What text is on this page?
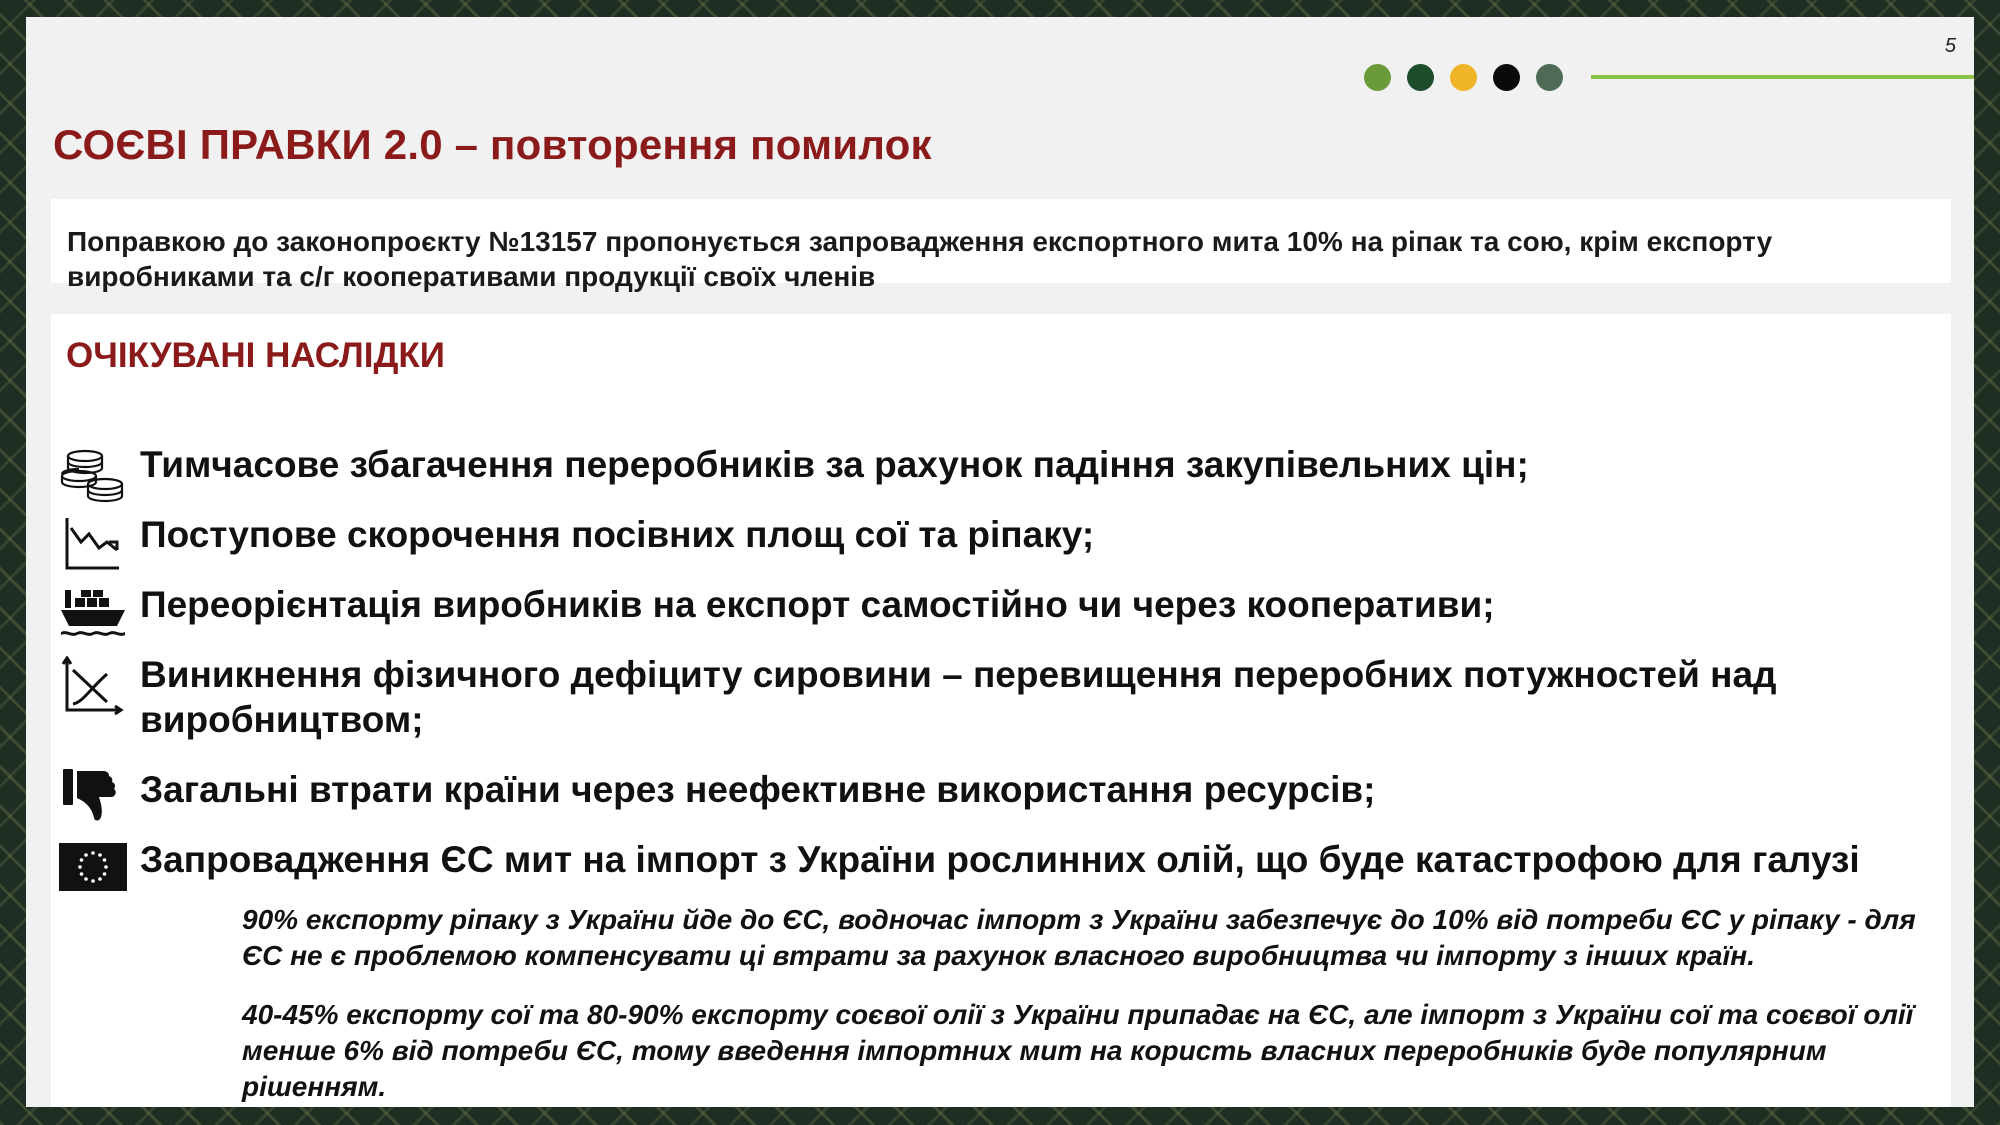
5
СОЄВІ ПРАВКИ 2.0 – повторення помилок
Поправкою до законопроєкту №13157 пропонується запровадження експортного мита 10% на ріпак та сою, крім експорту
виробниками та с/г кооперативами продукції своїх членів
ОЧІКУВАНІ НАСЛІДКИ
Тимчасове збагачення переробників за рахунок падіння закупівельних цін;
Поступове скорочення посівних площ сої та ріпаку;
Переорієнтація виробників на експорт самостійно чи через кооперативи;
Виникнення фізичного дефіциту сировини – перевищення переробних потужностей над виробництвом;
Загальні втрати країни через неефективне використання ресурсів;
Запровадження ЄС мит на імпорт з України рослинних олій, що буде катастрофою для галузі

90% експорту ріпаку з України йде до ЄС, водночас імпорт з України забезпечує до 10% від потреби ЄС у ріпаку - для ЄС не є проблемою компенсувати ці втрати за рахунок власного виробництва чи імпорту з інших країн.

40-45% експорту сої та 80-90% експорту соєвої олії з України припадає на ЄС, але імпорт з України сої та соєвої олії менше 6% від потреби ЄС, тому введення імпортних мит на користь власних переробників буде популярним рішенням.
